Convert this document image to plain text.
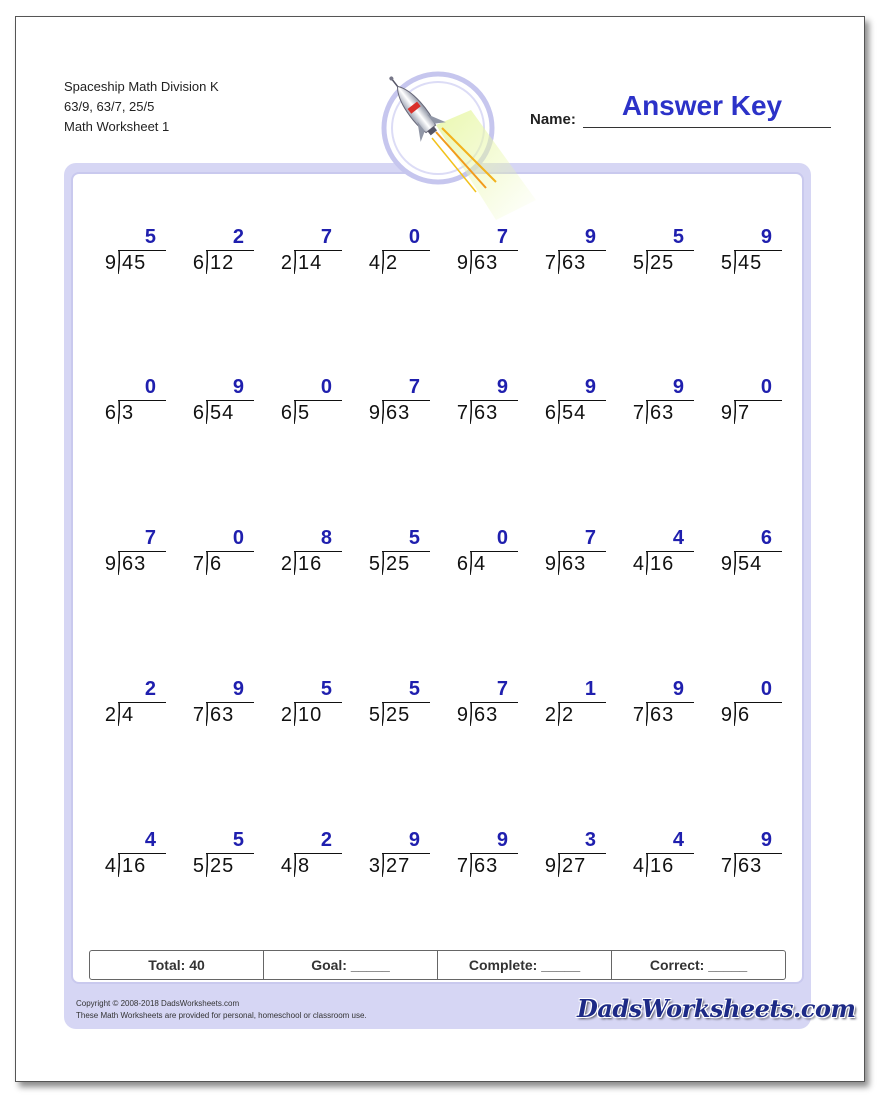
Spaceship Math Division K
63/9, 63/7, 25/5
Math Worksheet 1	Name:	Answer Key
5
9 45
2
6 12
7
2 14
0
4 2
7
9 63
9
7 63
5
5 25
9
5 45
0
6 3
9
6 54
0
6 5
7
9 63
9
7 63
9
6 54
9
7 63
0
9 7
7
9 63
0
7 6
8
2 16
5
5 25
0
6 4
7
9 63
4
4 16
6
9 54
2
2 4
9
7 63
5
2 10
5
5 25
7
9 63
1
2 2
9
7 63
0
9 6
4
4 16
5
5 25
2
4 8
9
3 27
9
7 63
3
9 27
4
4 16
9
7 63
Total: 40	Goal: _____	Complete: _____	Correct: _____
Copyright © 2008-2018 DadsWorksheets.com
These Math Worksheets are provided for personal, homeschool or classroom use.	DadsWorksheets.com
